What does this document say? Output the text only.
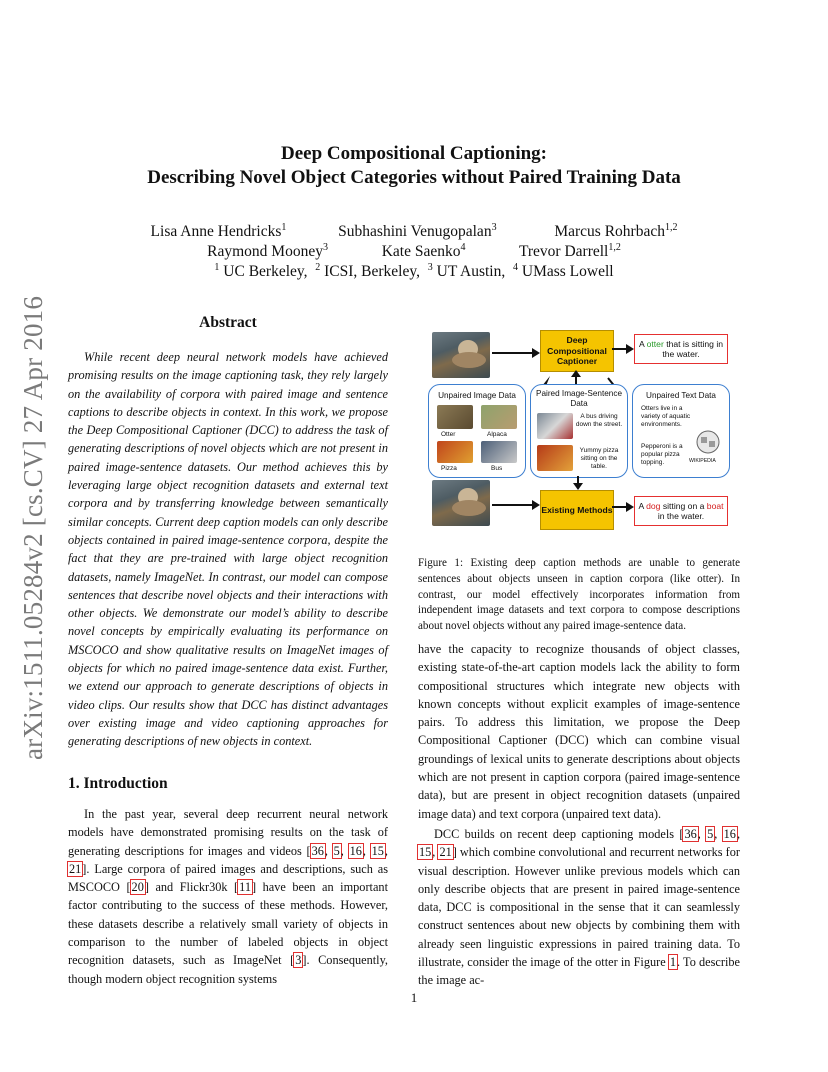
arXiv:1511.05284v2 [cs.CV] 27 Apr 2016
Deep Compositional Captioning:
Describing Novel Object Categories without Paired Training Data
Lisa Anne Hendricks$^1$	Subhashini Venugopalan$^3$	Marcus Rohrbach$^{1,2}$
Raymond Mooney$^3$	Kate Saenko$^4$	Trevor Darrell$^{1,2}$
$^1$ UC Berkeley, $^2$ ICSI, Berkeley, $^3$ UT Austin, $^4$ UMass Lowell
Abstract

While recent deep neural network models have achieved promising results on the image captioning task, they rely largely on the availability of corpora with paired image and sentence captions to describe objects in context. In this work, we propose the Deep Compositional Captioner (DCC) to address the task of generating descriptions of novel objects which are not present in paired image-sentence datasets. Our method achieves this by leveraging large object recognition datasets and external text corpora and by transferring knowledge between semantically similar concepts. Current deep caption models can only describe objects contained in paired image-sentence corpora, despite the fact that they are pre-trained with large object recognition datasets, namely ImageNet. In contrast, our model can compose sentences that describe novel objects and their interactions with other objects. We demonstrate our model’s ability to describe novel concepts by empirically evaluating its performance on MSCOCO and show qualitative results on ImageNet images of objects for which no paired image-sentence data exist. Further, we extend our approach to generate descriptions of objects in video clips. Our results show that DCC has distinct advantages over existing image and video captioning approaches for generating descriptions of new objects in context.

1. Introduction

In the past year, several deep recurrent neural network models have demonstrated promising results on the task of generating descriptions for images and videos [36, 5, 16, 15, 21]. Large corpora of paired images and descriptions, such as MSCOCO [20] and Flickr30k [11] have been an important factor contributing to the success of these methods. However, these datasets describe a relatively small variety of objects in comparison to the number of labeled objects in object recognition datasets, such as ImageNet [3]. Consequently, though modern object recognition systems

have the capacity to recognize thousands of object classes, existing state-of-the-art caption models lack the ability to form compositional structures which integrate new objects with known concepts without explicit examples of image-sentence pairs. To address this limitation, we propose the Deep Compositional Captioner (DCC) which can combine visual groundings of lexical units to generate descriptions about objects which are not present in caption corpora (paired image-sentence data), but are present in object recognition datasets (unpaired image data) and text corpora (unpaired text data).

DCC builds on recent deep captioning models [36, 5, 16, 15, 21] which combine convolutional and recurrent networks for visual description. However unlike previous models which can only describe objects that are present in paired image-sentence data, DCC is compositional in the sense that it can seamlessly construct sentences about new objects by combining them with already seen linguistic expressions in paired training data. To illustrate, consider the image of the otter in Figure 1. To describe the image ac-

Deep Compositional Captioner
A otter that is sitting in the water.
Unpaired Image Data
Otter	Alpaca
Pizza	Bus
Paired Image-Sentence Data
A bus driving down the street.
Yummy pizza sitting on the table.
Unpaired Text Data
Otters live in a variety of aquatic environments.
Pepperoni is a popular pizza topping.	WIKIPEDIA
Existing Methods	A dog sitting on a boat in the water.
Figure 1: Existing deep caption methods are unable to generate sentences about objects unseen in caption corpora (like otter). In contrast, our model effectively incorporates information from independent image datasets and text corpora to compose descriptions about novel objects without any paired image-sentence data.
1
